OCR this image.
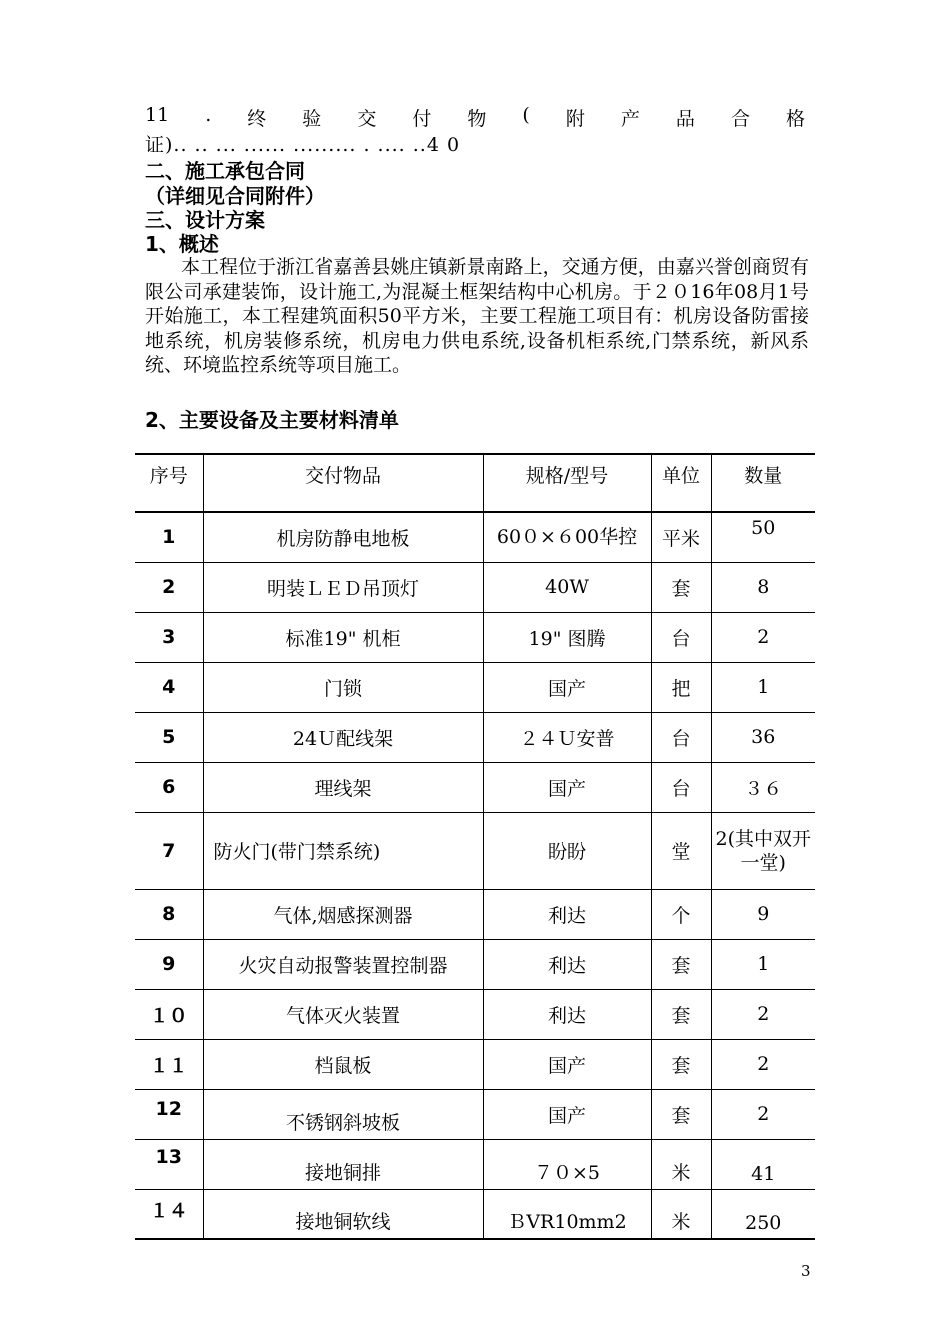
11 . 终 验 交 付 物 ( 附 产 品 合 格
证).. .. ... ...... ......... . .... ..4 0
二、施工承包合同
（详细见合同附件）
三、设计方案
1、概述

本工程位于浙江省嘉善县姚庄镇新景南路上，交通方便，由嘉兴誉创商贸有限公司承建装饰，设计施工,为混凝土框架结构中心机房。于２０16年08月1号开始施工，本工程建筑面积50平方米，主要工程施工项目有：机房设备防雷接地系统，机房装修系统，机房电力供电系统,设备机柜系统,门禁系统，新风系统、环境监控系统等项目施工。

2、主要设备及主要材料清单
序号	交付物品	规格/型号	单位	数量
1	机房防静电地板	60０×６00华控	平米	50
2	明装ＬＥＤ吊顶灯	40W	套	8
3	标准19" 机柜	19" 图腾	台	2
4	门锁	国产	把	1
5	24Ｕ配线架	２４Ｕ安普	台	36
6	理线架	国产	台	３６
7	防火门(带门禁系统)	盼盼	堂	2(其中双开一堂)
8	气体,烟感探测器	利达	个	9
9	火灾自动报警装置控制器	利达	套	1
１０	气体灭火装置	利达	套	2
１１	档鼠板	国产	套	2
12	不锈钢斜坡板	国产	套	2
13	接地铜排	７０×5	米	41
１４	接地铜软线	ＢVR10mm2	米	250
3
